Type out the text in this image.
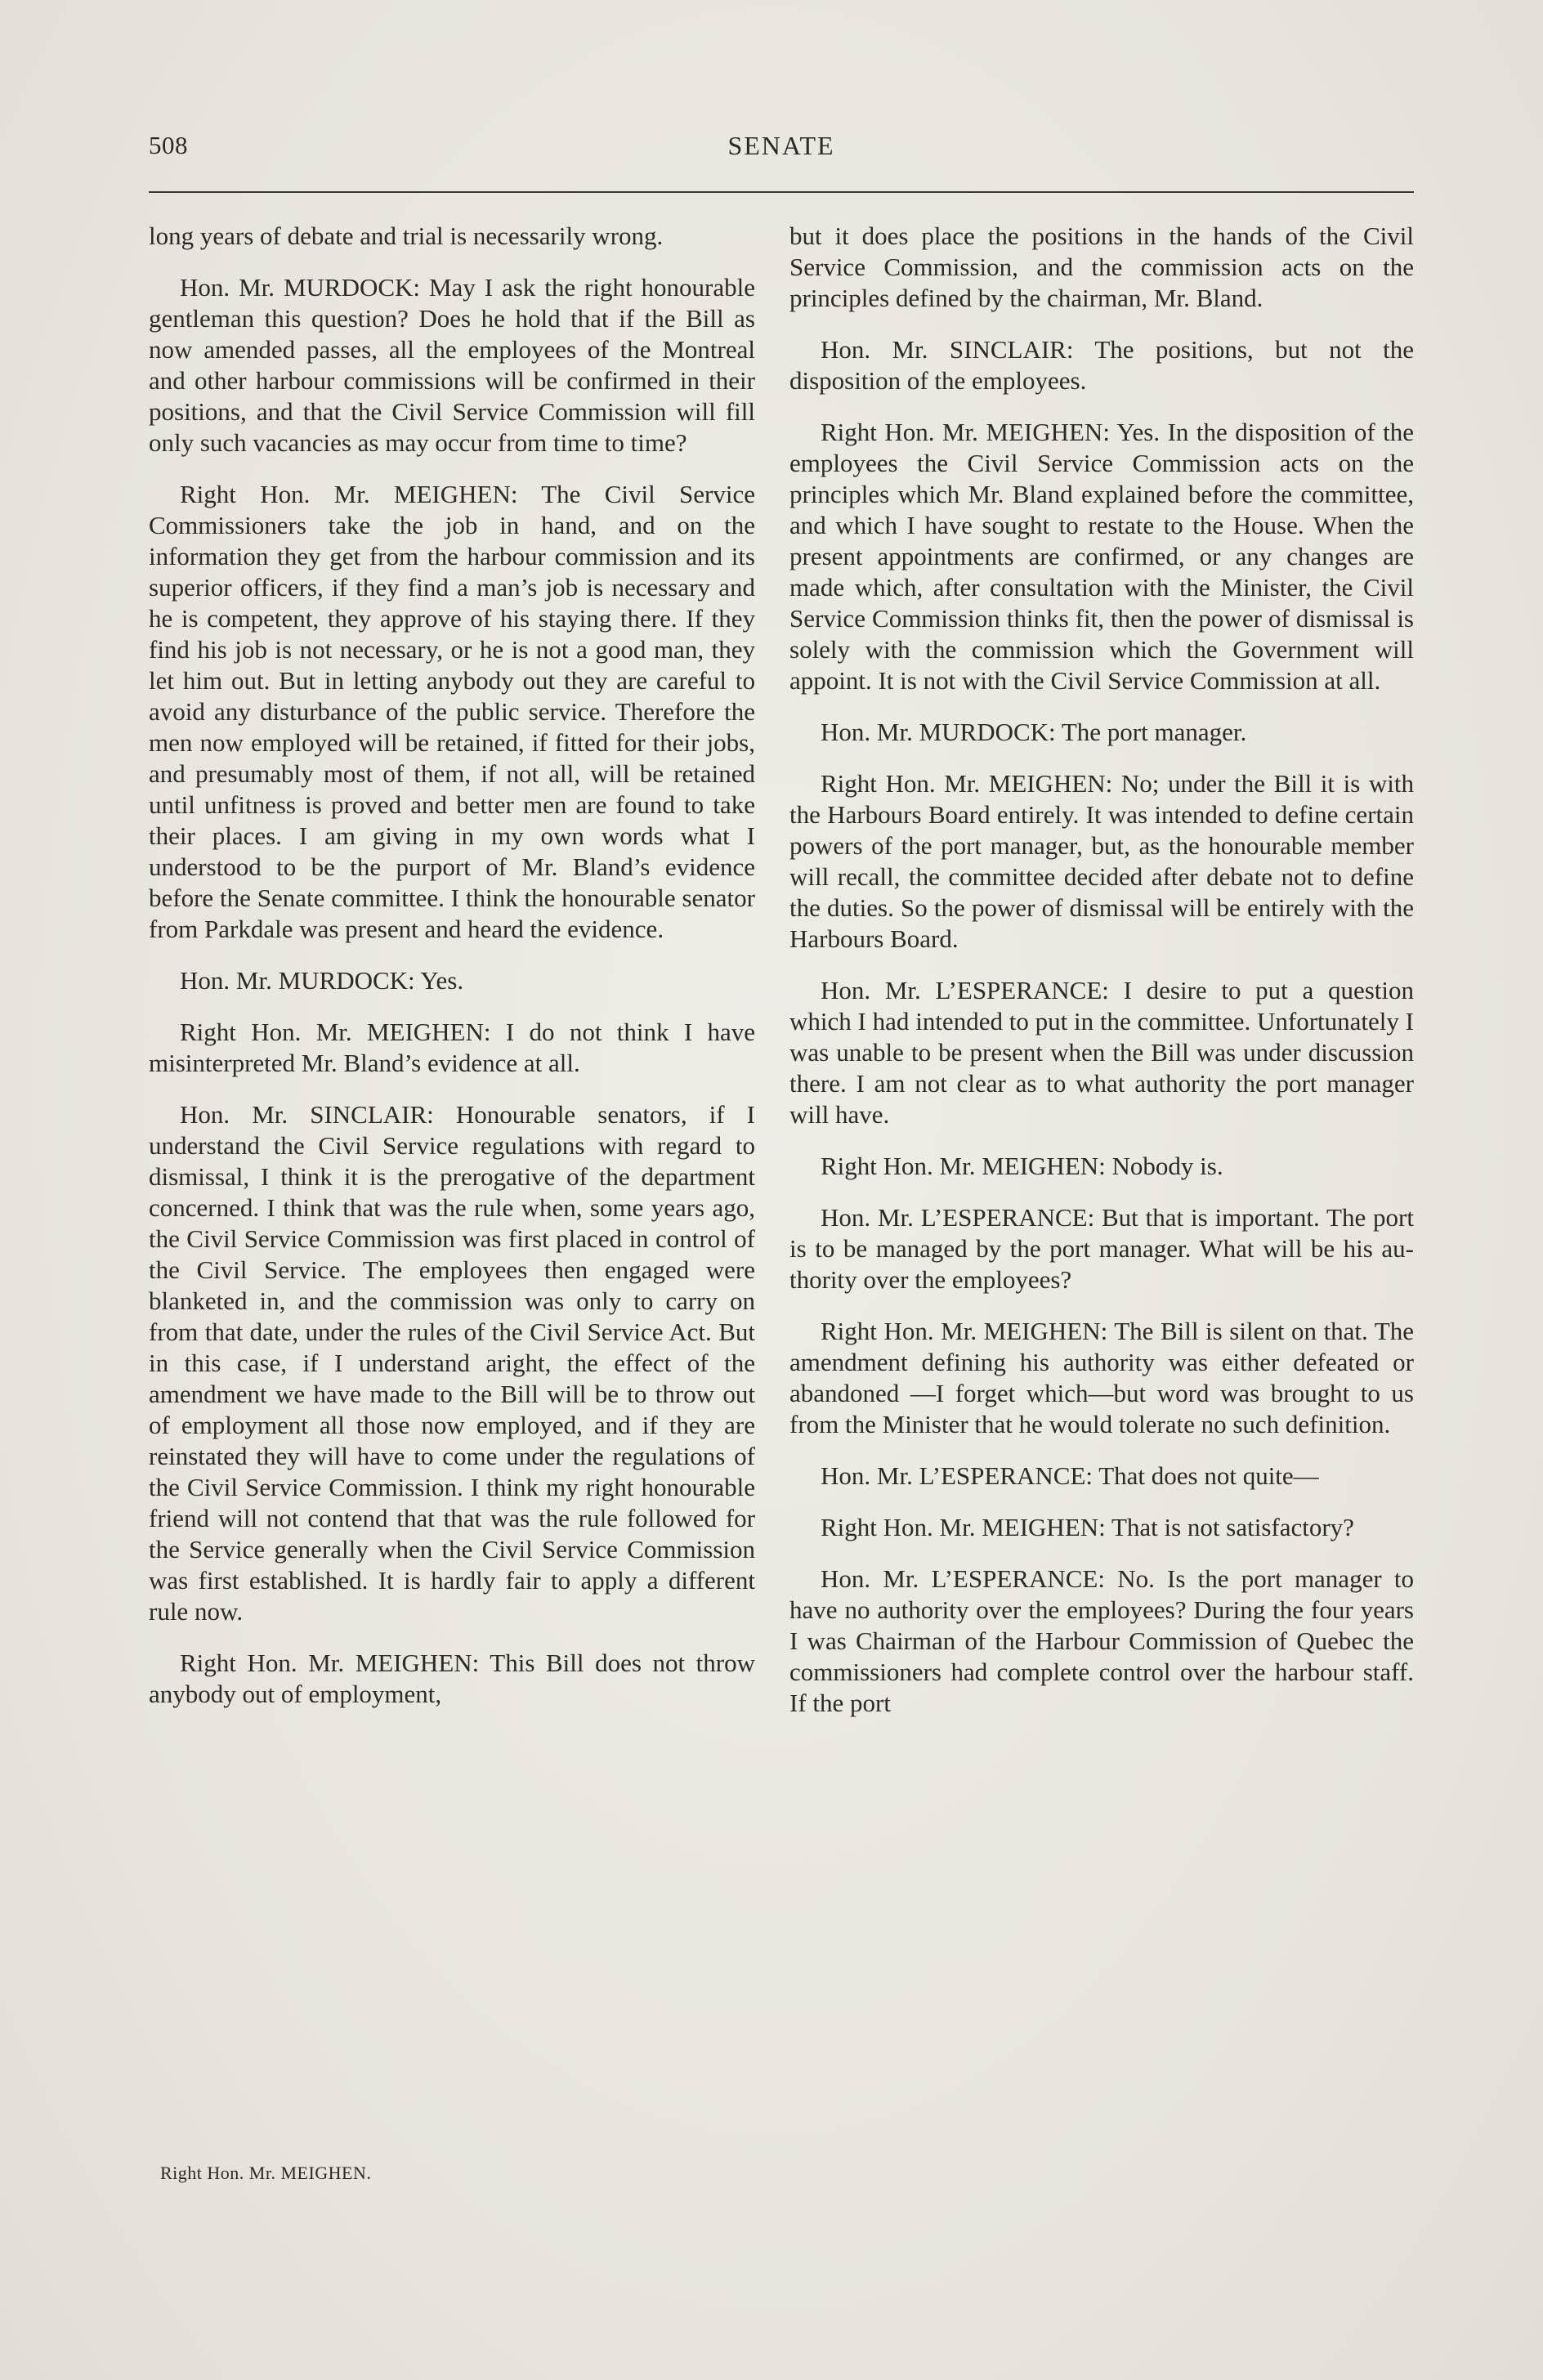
508	SENATE

long years of debate and trial is necessarily wrong.

Hon. Mr. MURDOCK: May I ask the right honourable gentleman this question? Does he hold that if the Bill as now amended passes, all the employees of the Montreal and other harbour commissions will be confirmed in their positions, and that the Civil Service Commission will fill only such vacancies as may occur from time to time?

Right Hon. Mr. MEIGHEN: The Civil Service Commissioners take the job in hand, and on the information they get from the harbour commission and its superior officers, if they find a man’s job is necessary and he is competent, they approve of his staying there. If they find his job is not necessary, or he is not a good man, they let him out. But in letting anybody out they are careful to avoid any disturbance of the public service. Therefore the men now employed will be retained, if fitted for their jobs, and presumably most of them, if not all, will be retained until unfitness is proved and better men are found to take their places. I am giving in my own words what I understood to be the purport of Mr. Bland’s evidence before the Senate committee. I think the honourable senator from Parkdale was present and heard the evidence.

Hon. Mr. MURDOCK: Yes.

Right Hon. Mr. MEIGHEN: I do not think I have misinterpreted Mr. Bland’s evidence at all.

Hon. Mr. SINCLAIR: Honourable senators, if I understand the Civil Service regulations with regard to dismissal, I think it is the prerogative of the department concerned. I think that was the rule when, some years ago, the Civil Service Commission was first placed in control of the Civil Service. The employees then engaged were blanketed in, and the commission was only to carry on from that date, under the rules of the Civil Service Act. But in this case, if I understand aright, the effect of the amendment we have made to the Bill will be to throw out of employment all those now employed, and if they are reinstated they will have to come under the regulations of the Civil Service Commission. I think my right honourable friend will not contend that that was the rule followed for the Service generally when the Civil Service Commission was first established. It is hardly fair to apply a different rule now.

Right Hon. Mr. MEIGHEN: This Bill does not throw anybody out of employment,

but it does place the positions in the hands of the Civil Service Commission, and the commission acts on the principles defined by the chairman, Mr. Bland.

Hon. Mr. SINCLAIR: The positions, but not the disposition of the employees.

Right Hon. Mr. MEIGHEN: Yes. In the disposition of the employees the Civil Service Commission acts on the principles which Mr. Bland explained before the committee, and which I have sought to restate to the House. When the present appointments are confirmed, or any changes are made which, after consultation with the Minister, the Civil Service Commission thinks fit, then the power of dismissal is solely with the commission which the Government will appoint. It is not with the Civil Service Commission at all.

Hon. Mr. MURDOCK: The port manager.

Right Hon. Mr. MEIGHEN: No; under the Bill it is with the Harbours Board entirely. It was intended to define certain powers of the port manager, but, as the honourable member will recall, the committee decided after debate not to define the duties. So the power of dismissal will be entirely with the Harbours Board.

Hon. Mr. L’ESPERANCE: I desire to put a question which I had intended to put in the committee. Unfortunately I was unable to be present when the Bill was under discussion there. I am not clear as to what authority the port manager will have.

Right Hon. Mr. MEIGHEN: Nobody is.

Hon. Mr. L’ESPERANCE: But that is important. The port is to be managed by the port manager. What will be his authority over the employees?

Right Hon. Mr. MEIGHEN: The Bill is silent on that. The amendment defining his authority was either defeated or abandoned —I forget which—but word was brought to us from the Minister that he would tolerate no such definition.

Hon. Mr. L’ESPERANCE: That does not quite—

Right Hon. Mr. MEIGHEN: That is not satisfactory?

Hon. Mr. L’ESPERANCE: No. Is the port manager to have no authority over the employees? During the four years I was Chairman of the Harbour Commission of Quebec the commissioners had complete control over the harbour staff. If the port

Right Hon. Mr. MEIGHEN.
